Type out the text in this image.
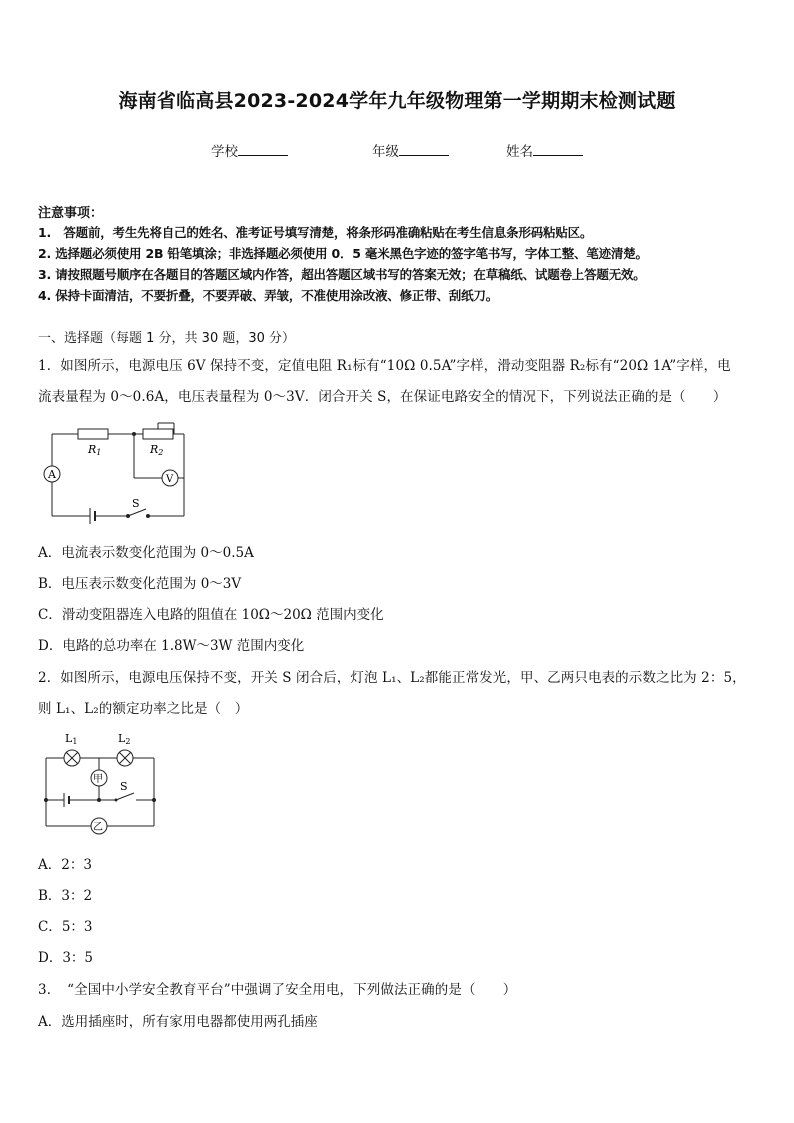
海南省临高县2023-2024学年九年级物理第一学期期末检测试题
学校	年级	姓名
注意事项：
1.　答题前，考生先将自己的姓名、准考证号填写清楚，将条形码准确粘贴在考生信息条形码粘贴区。
2. 选择题必须使用 2B 铅笔填涂；非选择题必须使用 0．5 毫米黑色字迹的签字笔书写，字体工整、笔迹清楚。
3. 请按照题号顺序在各题目的答题区域内作答，超出答题区域书写的答案无效；在草稿纸、试题卷上答题无效。
4. 保持卡面清洁，不要折叠，不要弄破、弄皱，不准使用涂改液、修正带、刮纸刀。
一、选择题（每题 1 分，共 30 题，30 分）
1．如图所示，电源电压 6V 保持不变，定值电阻 R₁标有“10Ω 0.5A”字样，滑动变阻器 R₂标有“20Ω 1A”字样，电
流表量程为 0～0.6A，电压表量程为 0～3V．闭合开关 S，在保证电路安全的情况下，下列说法正确的是（　　）
R1	R2
A	V
S
A．电流表示数变化范围为 0～0.5A
B．电压表示数变化范围为 0～3V
C．滑动变阻器连入电路的阻值在 10Ω～20Ω 范围内变化
D．电路的总功率在 1.8W～3W 范围内变化
2．如图所示，电源电压保持不变，开关 S 闭合后，灯泡 L₁、L₂都能正常发光，甲、乙两只电表的示数之比为 2：5，
则 L₁、L₂的额定功率之比是（　）
L1	L2
甲
乙
S
A．2：3
B．3：2
C．5：3
D．3：5
3．　“全国中小学安全教育平台”中强调了安全用电，下列做法正确的是（　　）
A．选用插座时，所有家用电器都使用两孔插座
